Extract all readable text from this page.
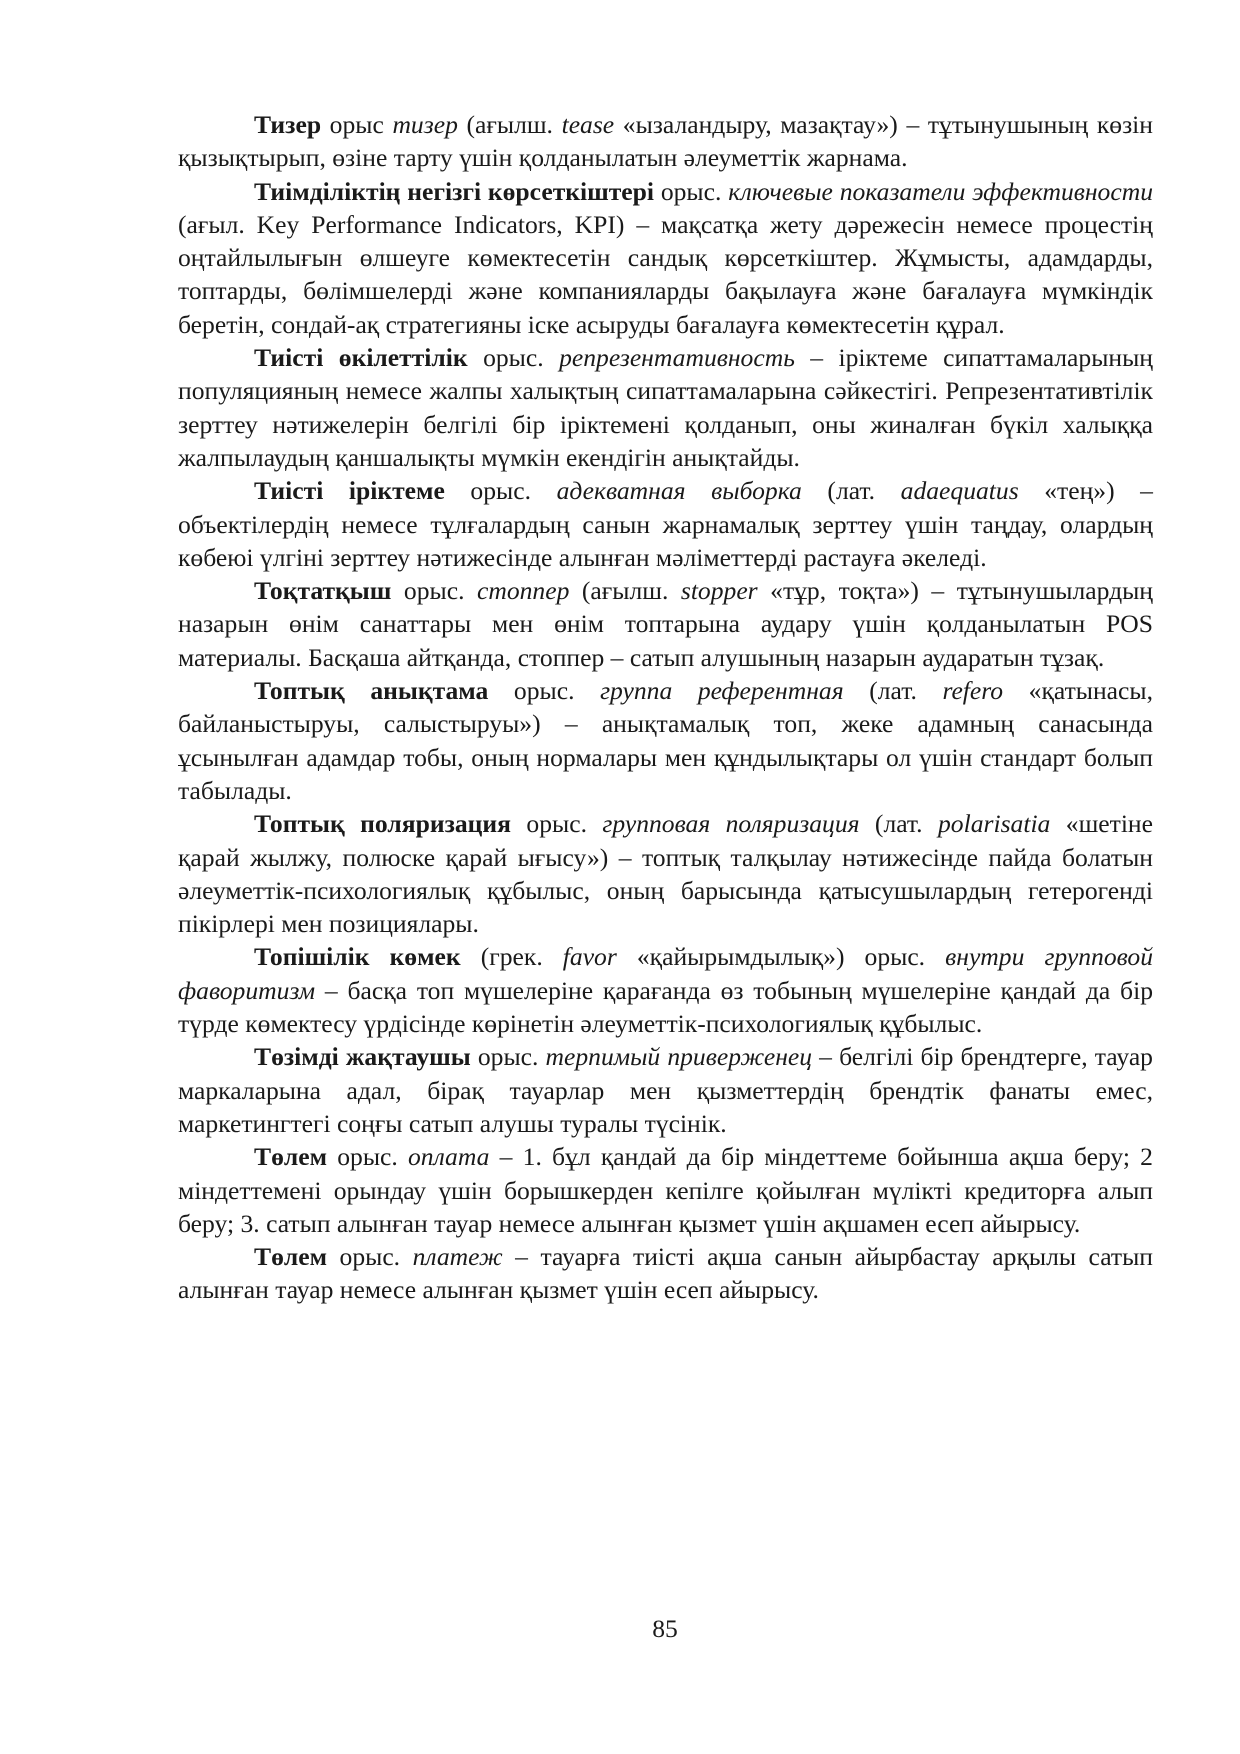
Тизер орыс тизер (ағылш. tease «ызаландыру, мазақтау») – тұтынушының көзін қызықтырып, өзіне тарту үшін қолданылатын әлеуметтік жарнама.

Тиімділіктің негізгі көрсеткіштері орыс. ключевые показатели эффективности (ағыл. Key Performance Indicators, KPI) – мақсатқа жету дәрежесін немесе процестің оңтайлылығын өлшеуге көмектесетін сандық көрсеткіштер. Жұмысты, адамдарды, топтарды, бөлімшелерді және компанияларды бақылауға және бағалауға мүмкіндік беретін, сондай-ақ стратегияны іске асыруды бағалауға көмектесетін құрал.

Тиісті өкілеттілік орыс. репрезентативность – іріктеме сипаттамаларының популяцияның немесе жалпы халықтың сипаттамаларына сәйкестігі. Репрезентативтілік зерттеу нәтижелерін белгілі бір іріктемені қолданып, оны жиналған бүкіл халыққа жалпылаудың қаншалықты мүмкін екендігін анықтайды.

Тиісті іріктеме орыс. адекватная выборка (лат. adaequatus «тең») – объектілердің немесе тұлғалардың санын жарнамалық зерттеу үшін таңдау, олардың көбеюі үлгіні зерттеу нәтижесінде алынған мәліметтерді растауға әкеледі.

Тоқтатқыш орыс. стоппер (ағылш. stopper «тұр, тоқта») – тұтынушылардың назарын өнім санаттары мен өнім топтарына аудару үшін қолданылатын POS материалы. Басқаша айтқанда, стоппер – сатып алушының назарын аударатын тұзақ.

Топтық анықтама орыс. группа референтная (лат. refero «қатынасы, байланыстыруы, салыстыруы») – анықтамалық топ, жеке адамның санасында ұсынылған адамдар тобы, оның нормалары мен құндылықтары ол үшін стандарт болып табылады.

Топтық поляризация орыс. групповая поляризация (лат. polarisatia «шетіне қарай жылжу, полюске қарай ығысу») – топтық талқылау нәтижесінде пайда болатын әлеуметтік-психологиялық құбылыс, оның барысында қатысушылардың гетерогенді пікірлері мен позициялары.

Топішілік көмек (грек. favor «қайырымдылық») орыс. внутри групповой фаворитизм – басқа топ мүшелеріне қарағанда өз тобының мүшелеріне қандай да бір түрде көмектесу үрдісінде көрінетін әлеуметтік-психологиялық құбылыс.

Төзімді жақтаушы орыс. терпимый приверженец – белгілі бір брендтерге, тауар маркаларына адал, бірақ тауарлар мен қызметтердің брендтік фанаты емес, маркетингтегі соңғы сатып алушы туралы түсінік.

Төлем орыс. оплата – 1. бұл қандай да бір міндеттеме бойынша ақша беру; 2 міндеттемені орындау үшін борышкерден кепілге қойылған мүлікті кредиторға алып беру; 3. сатып алынған тауар немесе алынған қызмет үшін ақшамен есеп айырысу.

Төлем орыс. платеж – тауарға тиісті ақша санын айырбастау арқылы сатып алынған тауар немесе алынған қызмет үшін есеп айырысу.

85
